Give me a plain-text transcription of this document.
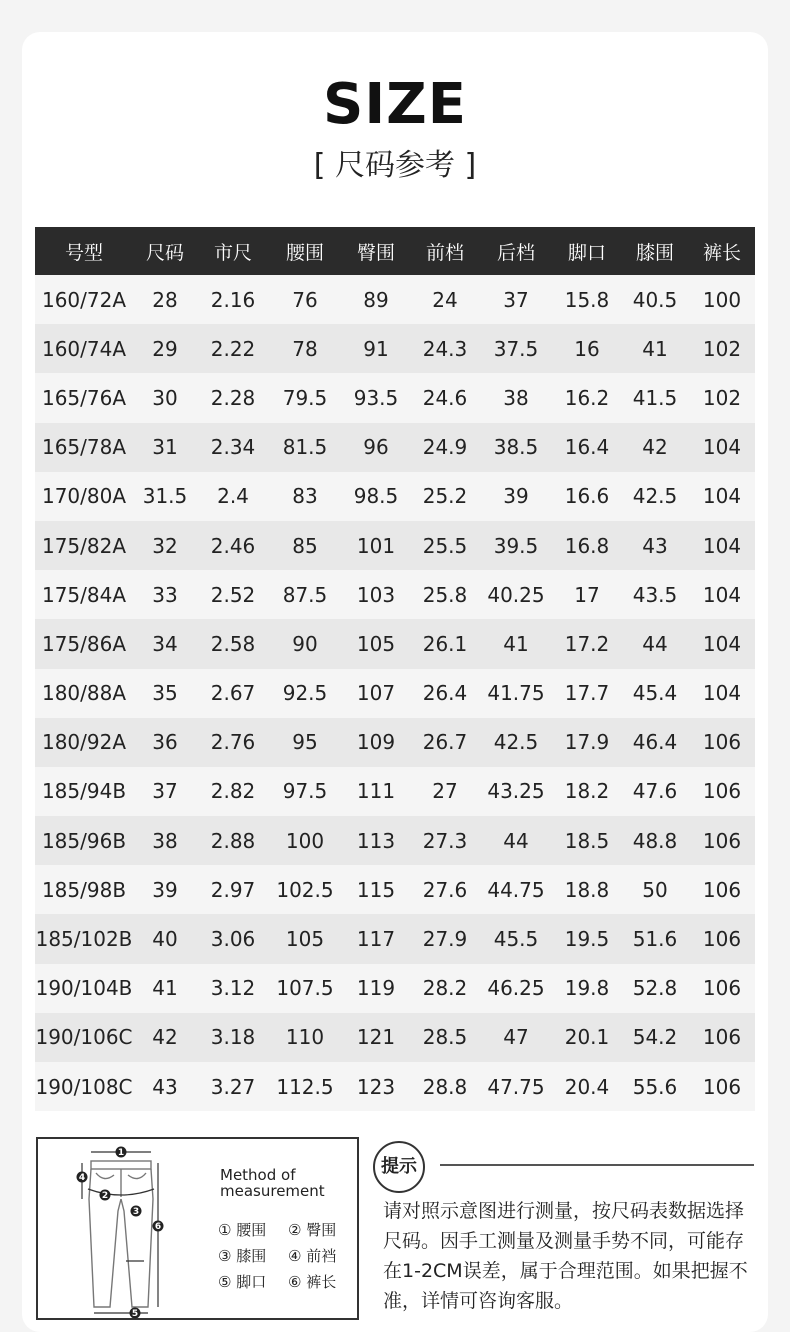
SIZE
[ 尺码参考 ]
号型	尺码	市尺	腰围	臀围	前档	后档	脚口	膝围	裤长
160/72A	28	2.16	76	89	24	37	15.8	40.5	100
160/74A	29	2.22	78	91	24.3	37.5	16	41	102
165/76A	30	2.28	79.5	93.5	24.6	38	16.2	41.5	102
165/78A	31	2.34	81.5	96	24.9	38.5	16.4	42	104
170/80A	31.5	2.4	83	98.5	25.2	39	16.6	42.5	104
175/82A	32	2.46	85	101	25.5	39.5	16.8	43	104
175/84A	33	2.52	87.5	103	25.8	40.25	17	43.5	104
175/86A	34	2.58	90	105	26.1	41	17.2	44	104
180/88A	35	2.67	92.5	107	26.4	41.75	17.7	45.4	104
180/92A	36	2.76	95	109	26.7	42.5	17.9	46.4	106
185/94B	37	2.82	97.5	111	27	43.25	18.2	47.6	106
185/96B	38	2.88	100	113	27.3	44	18.5	48.8	106
185/98B	39	2.97	102.5	115	27.6	44.75	18.8	50	106
185/102B	40	3.06	105	117	27.9	45.5	19.5	51.6	106
190/104B	41	3.12	107.5	119	28.2	46.25	19.8	52.8	106
190/106C	42	3.18	110	121	28.5	47	20.1	54.2	106
190/108C	43	3.27	112.5	123	28.8	47.75	20.4	55.6	106
1
2
3
4
5
6
Method of
measurement
① 腰围 ② 臀围
③ 膝围 ④ 前裆
⑤ 脚口 ⑥ 裤长
提示
请对照示意图进行测量，按尺码表数据选择尺码。因手工测量及测量手势不同，可能存在1-2CM误差，属于合理范围。如果把握不准，详情可咨询客服。
